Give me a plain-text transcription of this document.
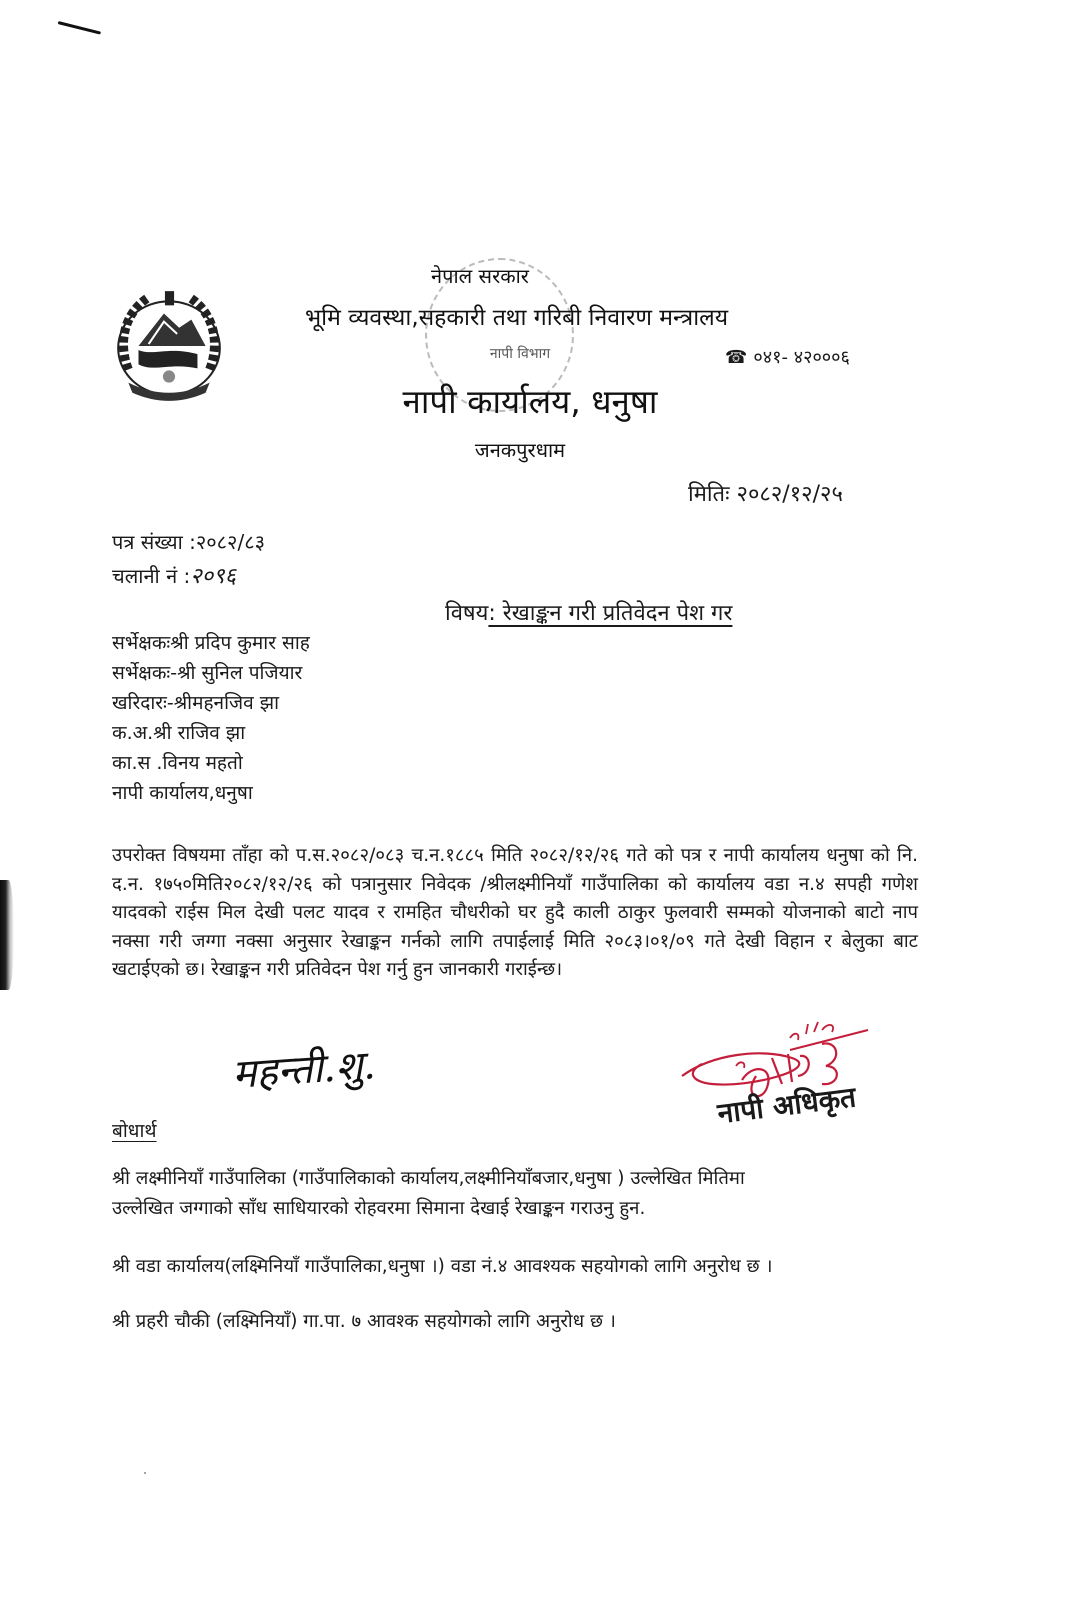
नेपाल सरकार
भूमि व्यवस्था,सहकारी तथा गरिबी निवारण मन्त्रालय
नापी विभाग
नापी कार्यालय, धनुषा
जनकपुरधाम
☎ ०४१- ४२०००६
मितिः २०८२/१२/२५
पत्र संख्या :२०८२/८३
चलानी नं :२०९६
विषय: रेखाङ्कन गरी प्रतिवेदन पेश गर
सर्भेक्षकःश्री प्रदिप कुमार साह
सर्भेक्षकः-श्री सुनिल पजियार
खरिदारः-श्रीमहनजिव झा
क.अ.श्री राजिव झा
का.स .विनय महतो
नापी कार्यालय,धनुषा
उपरोक्त विषयमा ताँहा को प.स.२०८२/०८३ च.न.१८८५ मिति २०८२/१२/२६ गते को पत्र र नापी कार्यालय धनुषा को नि. द.न. १७५०मिति२०८२/१२/२६ को पत्रानुसार निवेदक /श्रीलक्ष्मीनियाँ गाउँपालिका को कार्यालय वडा न.४ सपही गणेश यादवको राईस मिल देखी पलट यादव र रामहित चौधरीको घर हुदै काली ठाकुर फुलवारी सम्मको योजनाको बाटो नाप नक्सा गरी जग्गा नक्सा अनुसार रेखाङ्कन गर्नको लागि तपाईलाई मिति २०८३।०१/०९ गते देखी विहान र बेलुका बाट खटाईएको छ। रेखाङ्कन गरी प्रतिवेदन पेश गर्नु हुन जानकारी गराईन्छ।
महन्ती.शु.
नापी अधिकृत
बोधार्थ
श्री लक्ष्मीनियाँ गाउँपालिका (गाउँपालिकाको कार्यालय,लक्ष्मीनियाँबजार,धनुषा ) उल्लेखित मितिमा
उल्लेखित जग्गाको साँध साधियारको रोहवरमा सिमाना देखाई रेखाङ्कन गराउनु हुन.
श्री वडा कार्यालय(लक्ष्मिनियाँ गाउँपालिका,धनुषा ।) वडा नं.४ आवश्यक सहयोगको लागि अनुरोध छ ।
श्री प्रहरी चौकी (लक्ष्मिनियाँ) गा.पा. ७ आवश्क सहयोगको लागि अनुरोध छ ।
